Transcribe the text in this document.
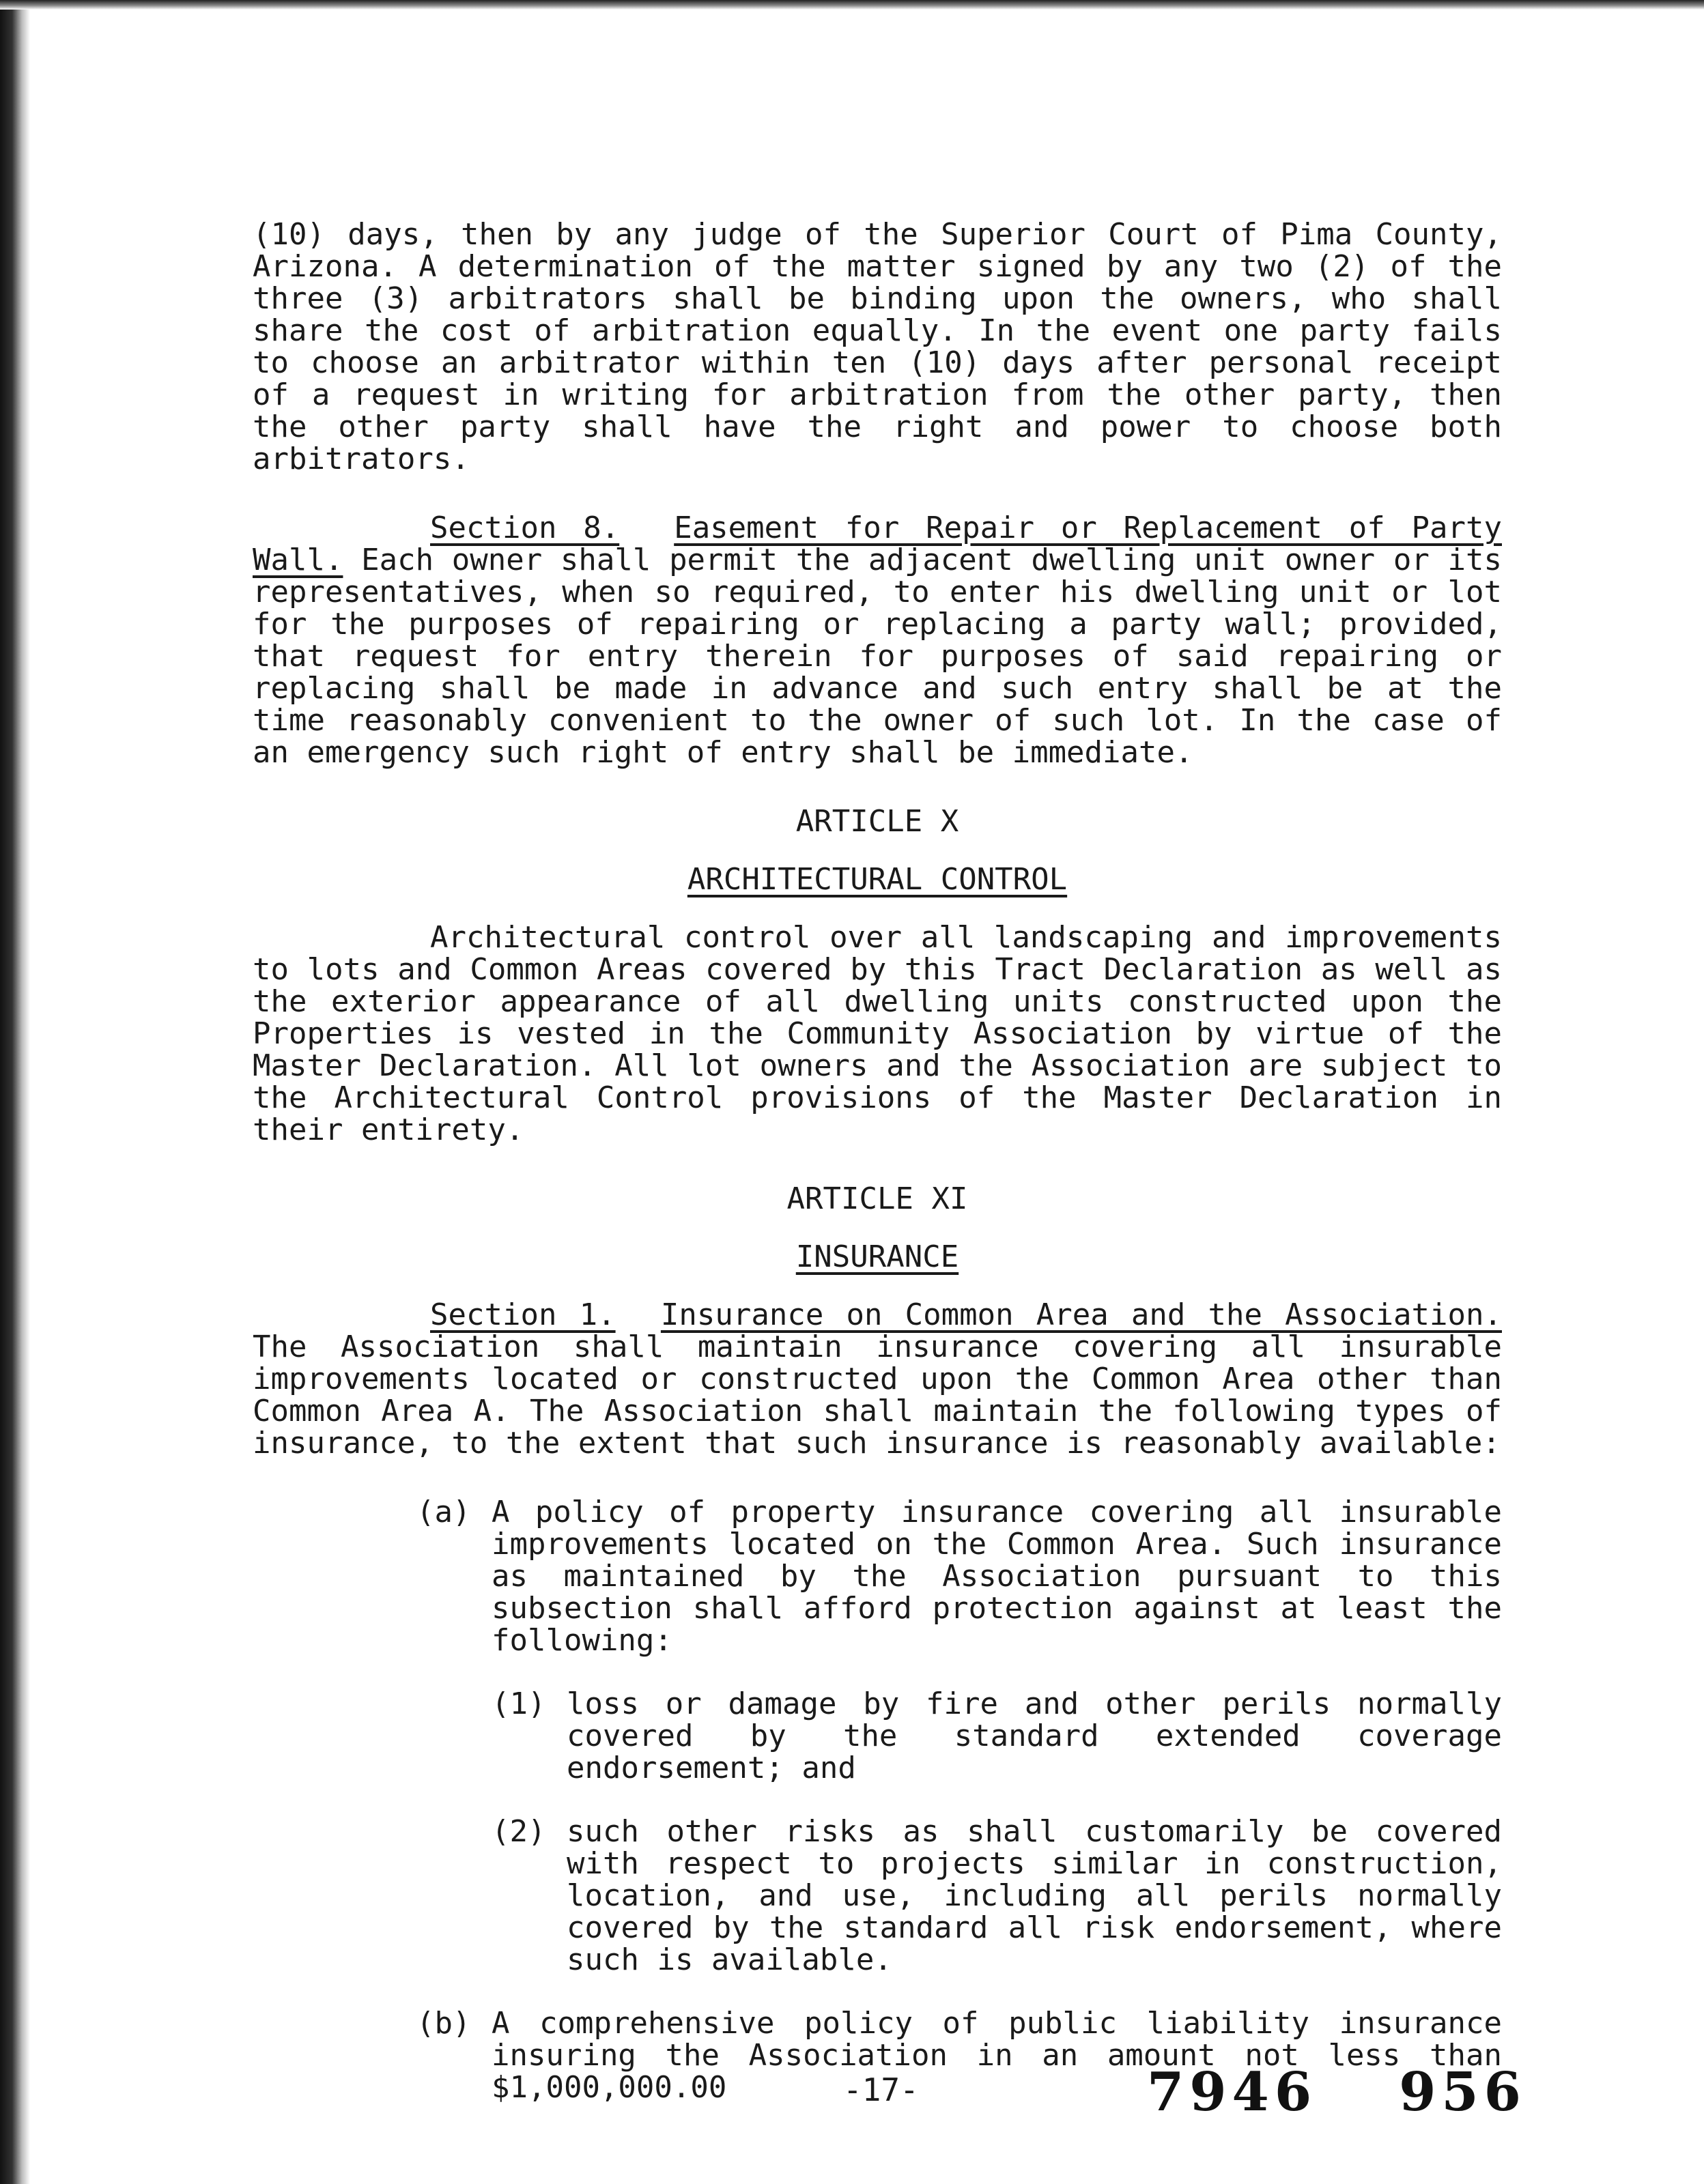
(10) days, then by any judge of the Superior Court of Pima County, Arizona. A determination of the matter signed by any two (2) of the three (3) arbitrators shall be binding upon the owners, who shall share the cost of arbitration equally. In the event one party fails to choose an arbitrator within ten (10) days after personal receipt of a request in writing for arbitration from the other party, then the other party shall have the right and power to choose both arbitrators.

Section 8. Easement for Repair or Replacement of Party Wall. Each owner shall permit the adjacent dwelling unit owner or its representatives, when so required, to enter his dwelling unit or lot for the purposes of repairing or replacing a party wall; provided, that request for entry therein for purposes of said repairing or replacing shall be made in advance and such entry shall be at the time reasonably convenient to the owner of such lot. In the case of an emergency such right of entry shall be immediate.

ARTICLE X
ARCHITECTURAL CONTROL

Architectural control over all landscaping and improvements to lots and Common Areas covered by this Tract Declaration as well as the exterior appearance of all dwelling units constructed upon the Properties is vested in the Community Association by virtue of the Master Declaration. All lot owners and the Association are subject to the Architectural Control provisions of the Master Declaration in their entirety.

ARTICLE XI
INSURANCE

Section 1. Insurance on Common Area and the Association. The Association shall maintain insurance covering all insurable improvements located or constructed upon the Common Area other than Common Area A. The Association shall maintain the following types of insurance, to the extent that such insurance is reasonably available:

(a) A policy of property insurance covering all insurable improvements located on the Common Area. Such insurance as maintained by the Association pursuant to this subsection shall afford protection against at least the following:
(1) loss or damage by fire and other perils normally covered by the standard extended coverage endorsement; and
(2) such other risks as shall customarily be covered with respect to projects similar in construction, location, and use, including all perils normally covered by the standard all risk endorsement, where such is available.
(b) A comprehensive policy of public liability insurance insuring the Association in an amount not less than $1,000,000.00	-17-	7946 956
